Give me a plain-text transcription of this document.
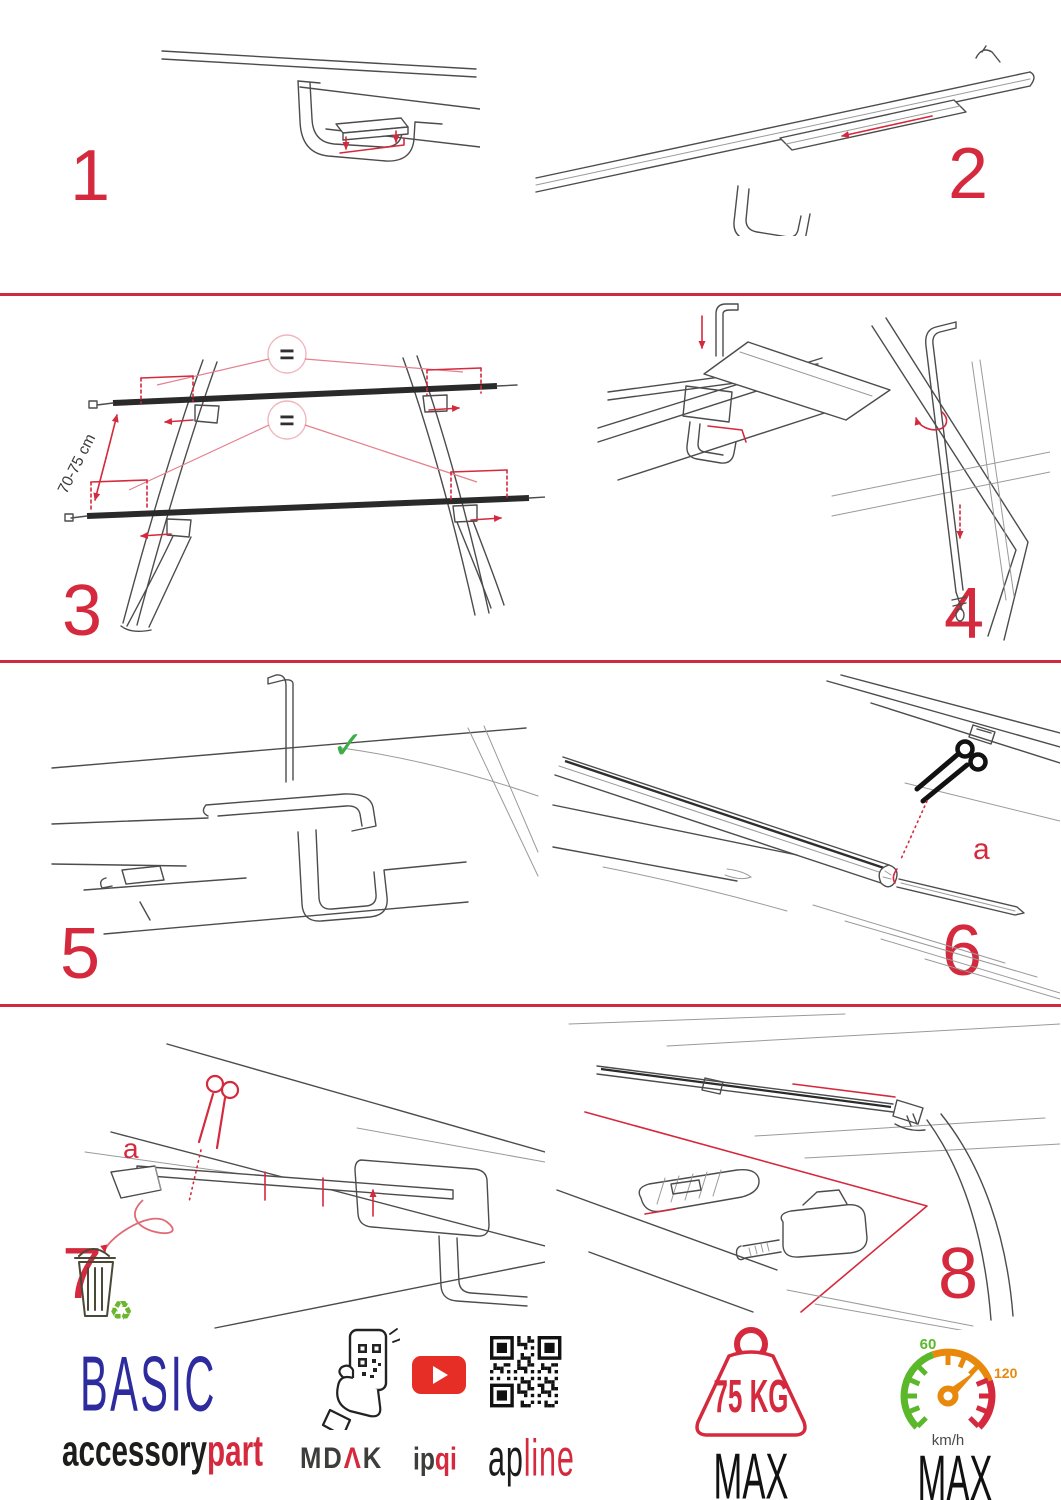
1	2
3
=
=
70-75 cm
4
5
✓
6
a
7
a
♻	8
BASIC
accessorypart	MDΛK ipqi apline
75 KG
MAX
60
120
km/h
MAX
